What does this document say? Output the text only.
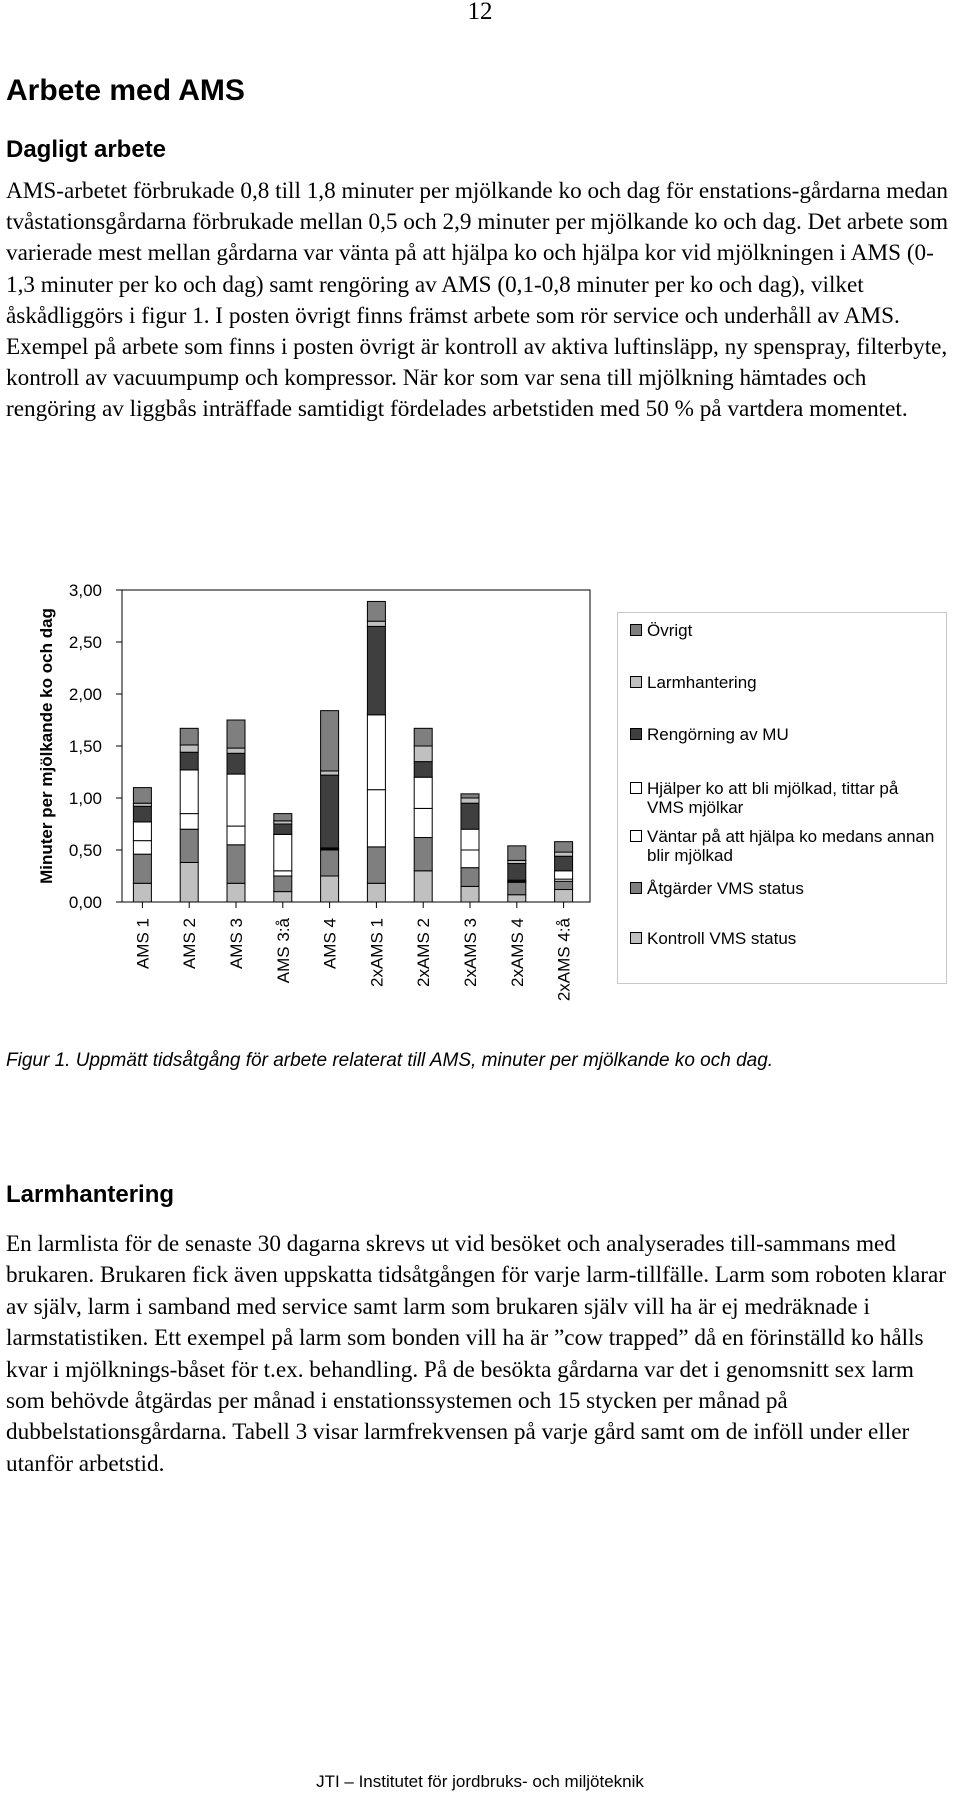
12
Arbete med AMS
Dagligt arbete

AMS-arbetet förbrukade 0,8 till 1,8 minuter per mjölkande ko och dag för enstations-gårdarna medan tvåstationsgårdarna förbrukade mellan 0,5 och 2,9 minuter per mjölkande ko och dag. Det arbete som varierade mest mellan gårdarna var vänta på att hjälpa ko och hjälpa kor vid mjölkningen i AMS (0-1,3 minuter per ko och dag) samt rengöring av AMS (0,1-0,8 minuter per ko och dag), vilket åskådliggörs i figur 1. I posten övrigt finns främst arbete som rör service och underhåll av AMS. Exempel på arbete som finns i posten övrigt är kontroll av aktiva luftinsläpp, ny spenspray, filterbyte, kontroll av vacuumpump och kompressor. När kor som var sena till mjölkning hämtades och rengöring av liggbås inträffade samtidigt fördelades arbetstiden med 50 % på vartdera momentet.

0,00
0,50
1,00
1,50
2,00
2,50
3,00
Minuter per mjölkande ko och dag
AMS 1 AMS 2 AMS 3 AMS 3:å AMS 4 2xAMS 1 2xAMS 2 2xAMS 3 2xAMS 4 2xAMS 4:å
Övrigt
Larmhantering
Rengörning av MU
Hjälper ko att bli mjölkad, tittar på VMS mjölkar
Väntar på att hjälpa ko medans annan blir mjölkad
Åtgärder VMS status
Kontroll VMS status

Figur 1. Uppmätt tidsåtgång för arbete relaterat till AMS, minuter per mjölkande ko och dag.

Larmhantering

En larmlista för de senaste 30 dagarna skrevs ut vid besöket och analyserades till-sammans med brukaren. Brukaren fick även uppskatta tidsåtgången för varje larm-tillfälle. Larm som roboten klarar av själv, larm i samband med service samt larm som brukaren själv vill ha är ej medräknade i larmstatistiken. Ett exempel på larm som bonden vill ha är ”cow trapped” då en förinställd ko hålls kvar i mjölknings-båset för t.ex. behandling. På de besökta gårdarna var det i genomsnitt sex larm som behövde åtgärdas per månad i enstationssystemen och 15 stycken per månad på dubbelstationsgårdarna. Tabell 3 visar larmfrekvensen på varje gård samt om de inföll under eller utanför arbetstid.

JTI – Institutet för jordbruks- och miljöteknik
